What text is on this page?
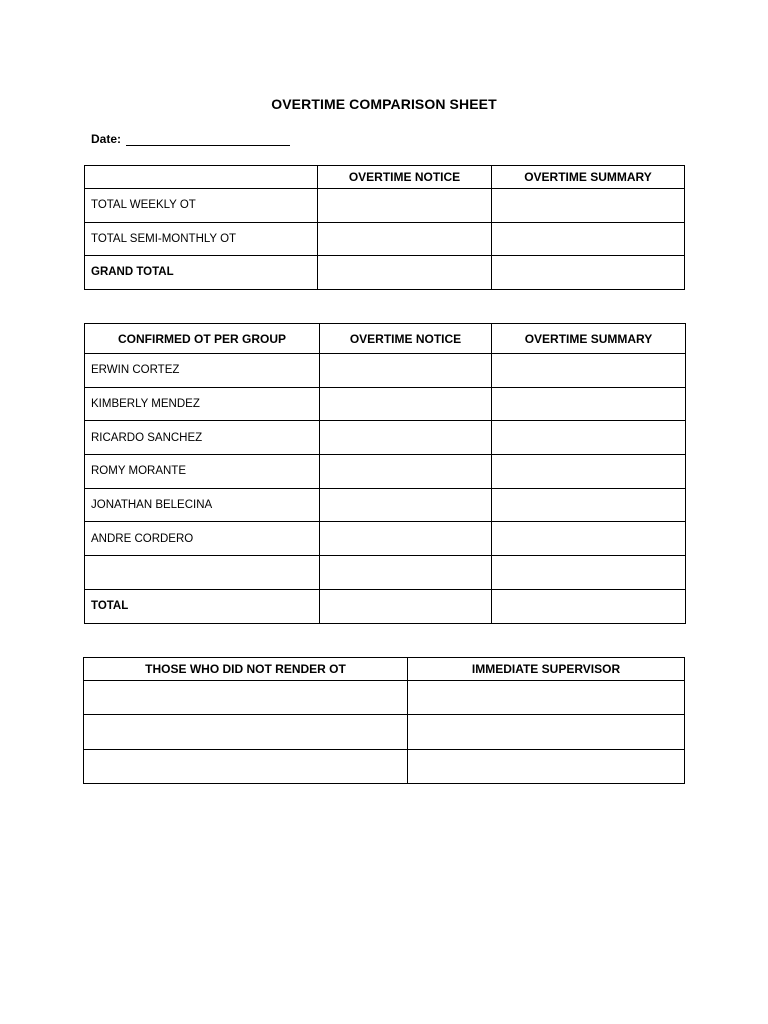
OVERTIME COMPARISON SHEET
Date:
	OVERTIME NOTICE	OVERTIME SUMMARY
TOTAL WEEKLY OT		
TOTAL SEMI-MONTHLY OT		
GRAND TOTAL		
CONFIRMED OT PER GROUP	OVERTIME NOTICE	OVERTIME SUMMARY
ERWIN CORTEZ		
KIMBERLY MENDEZ		
RICARDO SANCHEZ		
ROMY MORANTE		
JONATHAN BELECINA		
ANDRE CORDERO		

TOTAL		
THOSE WHO DID NOT RENDER OT	IMMEDIATE SUPERVISOR
